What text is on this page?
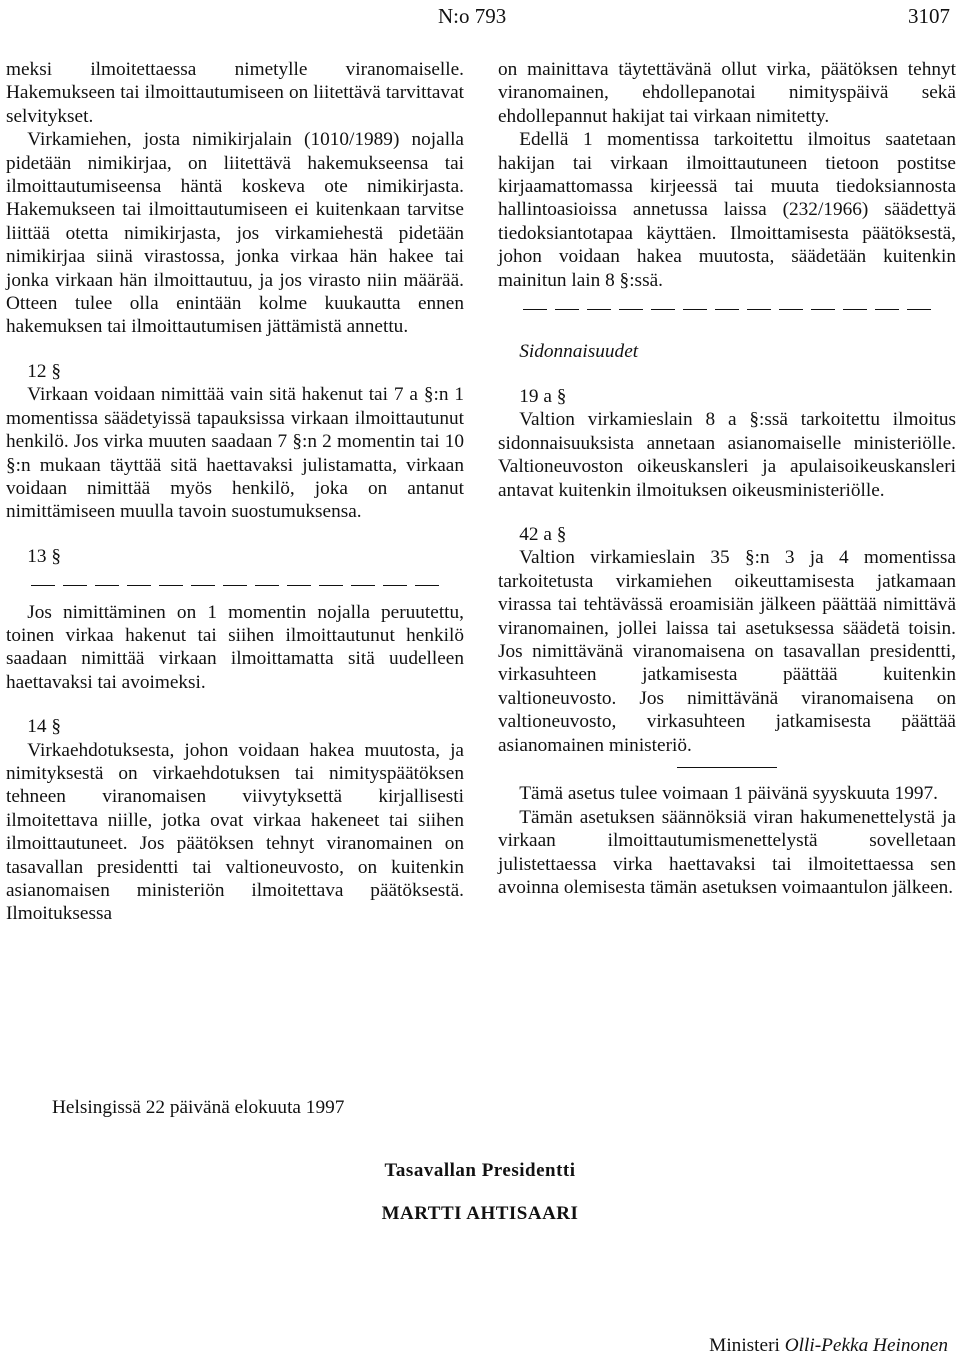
N:o 793	3107

meksi ilmoitettaessa nimetylle viranomaiselle. Hakemukseen tai ilmoittautumiseen on liitettävä tarvittavat selvitykset.

Virkamiehen, josta nimikirjalain (1010/1989) nojalla pidetään nimikirjaa, on liitettävä hakemukseensa tai ilmoittautumiseensa häntä koskeva ote nimikirjasta. Hakemukseen tai ilmoittautumiseen ei kuitenkaan tarvitse liittää otetta nimikirjasta, jos virkamiehestä pidetään nimikirjaa siinä virastossa, jonka virkaa hän hakee tai jonka virkaan hän ilmoittautuu, ja jos virasto niin määrää. Otteen tulee olla enintään kolme kuukautta ennen hakemuksen tai ilmoittautumisen jättämistä annettu.

12 §

Virkaan voidaan nimittää vain sitä hakenut tai 7 a §:n 1 momentissa säädetyissä tapauksissa virkaan ilmoittautunut henkilö. Jos virka muuten saadaan 7 §:n 2 momentin tai 10 §:n mukaan täyttää sitä haettavaksi julistamatta, virkaan voidaan nimittää myös henkilö, joka on antanut nimittämiseen muulla tavoin suostumuksensa.

13 §

Jos nimittäminen on 1 momentin nojalla peruutettu, toinen virkaa hakenut tai siihen ilmoittautunut henkilö saadaan nimittää virkaan ilmoittamatta sitä uudelleen haettavaksi tai avoimeksi.

14 §

Virkaehdotuksesta, johon voidaan hakea muutosta, ja nimityksestä on virkaehdotuksen tai nimityspäätöksen tehneen viranomaisen viivytyksettä kirjallisesti ilmoitettava niille, jotka ovat virkaa hakeneet tai siihen ilmoittautuneet. Jos päätöksen tehnyt viranomainen on tasavallan presidentti tai valtioneuvosto, on kuitenkin asianomaisen ministeriön ilmoitettava päätöksestä. Ilmoituksessa

on mainittava täytettävänä ollut virka, päätöksen tehnyt viranomainen, ehdollepanotai nimityspäivä sekä ehdollepannut hakijat tai virkaan nimitetty.

Edellä 1 momentissa tarkoitettu ilmoitus saatetaan hakijan tai virkaan ilmoittautuneen tietoon postitse kirjaamattomassa kirjeessä tai muuta tiedoksiannosta hallintoasioissa annetussa laissa (232/1966) säädettyä tiedoksiantotapaa käyttäen. Ilmoittamisesta päätöksestä, johon voidaan hakea muutosta, säädetään kuitenkin mainitun lain 8 §:ssä.

Sidonnaisuudet

19 a §

Valtion virkamieslain 8 a §:ssä tarkoitettu ilmoitus sidonnaisuuksista annetaan asianomaiselle ministeriölle. Valtioneuvoston oikeuskansleri ja apulaisoikeuskansleri antavat kuitenkin ilmoituksen oikeusministeriölle.

42 a §

Valtion virkamieslain 35 §:n 3 ja 4 momentissa tarkoitetusta virkamiehen oikeuttamisesta jatkamaan virassa tai tehtävässä eroamisiän jälkeen päättää nimittävä viranomainen, jollei laissa tai asetuksessa säädetä toisin. Jos nimittävänä viranomaisena on tasavallan presidentti, virkasuhteen jatkamisesta päättää kuitenkin valtioneuvosto. Jos nimittävänä viranomaisena on valtioneuvosto, virkasuhteen jatkamisesta päättää asianomainen ministeriö.

Tämä asetus tulee voimaan 1 päivänä syyskuuta 1997.

Tämän asetuksen säännöksiä viran hakumenettelystä ja virkaan ilmoittautumismenettelystä sovelletaan julistettaessa virka haettavaksi tai ilmoitettaessa sen avoinna olemisesta tämän asetuksen voimaantulon jälkeen.

Helsingissä 22 päivänä elokuuta 1997
Tasavallan Presidentti
MARTTI AHTISAARI
Ministeri Olli-Pekka Heinonen
